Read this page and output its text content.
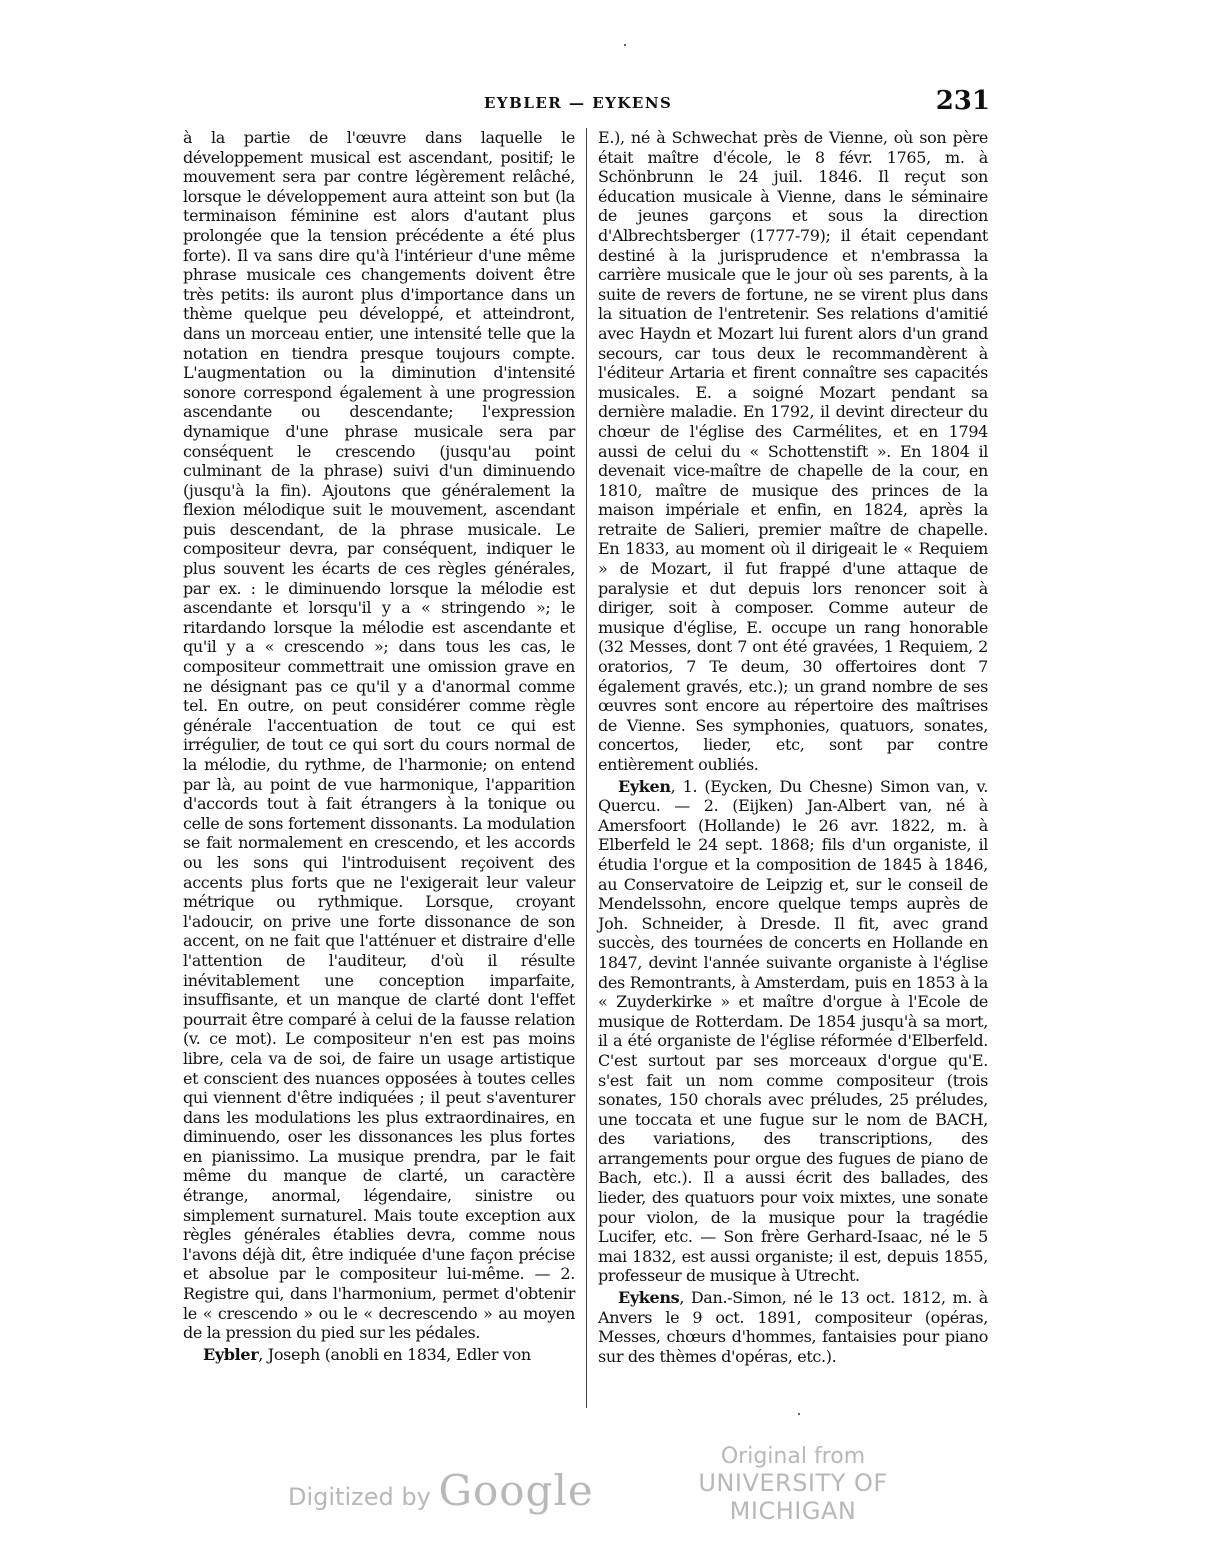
EYBLER — EYKENS	231

à la partie de l'œuvre dans laquelle le développement musical est ascendant, positif; le mouvement sera par contre légèrement relâché, lorsque le développement aura atteint son but (la terminaison féminine est alors d'autant plus prolongée que la tension précédente a été plus forte). Il va sans dire qu'à l'intérieur d'une même phrase musicale ces changements doivent être très petits: ils auront plus d'importance dans un thème quelque peu développé, et atteindront, dans un morceau entier, une intensité telle que la notation en tiendra presque toujours compte. L'augmentation ou la diminution d'intensité sonore correspond également à une progression ascendante ou descendante; l'expression dynamique d'une phrase musicale sera par conséquent le crescendo (jusqu'au point culminant de la phrase) suivi d'un diminuendo (jusqu'à la fin). Ajoutons que généralement la flexion mélodique suit le mouvement, ascendant puis descendant, de la phrase musicale. Le compositeur devra, par conséquent, indiquer le plus souvent les écarts de ces règles générales, par ex. : le diminuendo lorsque la mélodie est ascendante et lorsqu'il y a « stringendo »; le ritardando lorsque la mélodie est ascendante et qu'il y a « crescendo »; dans tous les cas, le compositeur commettrait une omission grave en ne désignant pas ce qu'il y a d'anormal comme tel. En outre, on peut considérer comme règle générale l'accentuation de tout ce qui est irrégulier, de tout ce qui sort du cours normal de la mélodie, du rythme, de l'harmonie; on entend par là, au point de vue harmonique, l'apparition d'accords tout à fait étrangers à la tonique ou celle de sons fortement dissonants. La modulation se fait normalement en crescendo, et les accords ou les sons qui l'introduisent reçoivent des accents plus forts que ne l'exigerait leur valeur métrique ou rythmique. Lorsque, croyant l'adoucir, on prive une forte dissonance de son accent, on ne fait que l'atténuer et distraire d'elle l'attention de l'auditeur, d'où il résulte inévitablement une conception imparfaite, insuffisante, et un manque de clarté dont l'effet pourrait être comparé à celui de la fausse relation (v. ce mot). Le compositeur n'en est pas moins libre, cela va de soi, de faire un usage artistique et conscient des nuances opposées à toutes celles qui viennent d'être indiquées ; il peut s'aventurer dans les modulations les plus extraordinaires, en diminuendo, oser les dissonances les plus fortes en pianissimo. La musique prendra, par le fait même du manque de clarté, un caractère étrange, anormal, légendaire, sinistre ou simplement surnaturel. Mais toute exception aux règles générales établies devra, comme nous l'avons déjà dit, être indiquée d'une façon précise et absolue par le compositeur lui-même. — 2. Registre qui, dans l'harmonium, permet d'obtenir le « crescendo » ou le « decrescendo » au moyen de la pression du pied sur les pédales.

Eybler, Joseph (anobli en 1834, Edler von

E.), né à Schwechat près de Vienne, où son père était maître d'école, le 8 févr. 1765, m. à Schönbrunn le 24 juil. 1846. Il reçut son éducation musicale à Vienne, dans le séminaire de jeunes garçons et sous la direction d'Albrechtsberger (1777-79); il était cependant destiné à la jurisprudence et n'embrassa la carrière musicale que le jour où ses parents, à la suite de revers de fortune, ne se virent plus dans la situation de l'entretenir. Ses relations d'amitié avec Haydn et Mozart lui furent alors d'un grand secours, car tous deux le recommandèrent à l'éditeur Artaria et firent connaître ses capacités musicales. E. a soigné Mozart pendant sa dernière maladie. En 1792, il devint directeur du chœur de l'église des Carmélites, et en 1794 aussi de celui du « Schottenstift ». En 1804 il devenait vice-maître de chapelle de la cour, en 1810, maître de musique des princes de la maison impériale et enfin, en 1824, après la retraite de Salieri, premier maître de chapelle. En 1833, au moment où il dirigeait le « Requiem » de Mozart, il fut frappé d'une attaque de paralysie et dut depuis lors renoncer soit à diriger, soit à composer. Comme auteur de musique d'église, E. occupe un rang honorable (32 Messes, dont 7 ont été gravées, 1 Requiem, 2 oratorios, 7 Te deum, 30 offertoires dont 7 également gravés, etc.); un grand nombre de ses œuvres sont encore au répertoire des maîtrises de Vienne. Ses symphonies, quatuors, sonates, concertos, lieder, etc, sont par contre entièrement oubliés.

Eyken, 1. (Eycken, Du Chesne) Simon van, v. Quercu. — 2. (Eijken) Jan-Albert van, né à Amersfoort (Hollande) le 26 avr. 1822, m. à Elberfeld le 24 sept. 1868; fils d'un organiste, il étudia l'orgue et la composition de 1845 à 1846, au Conservatoire de Leipzig et, sur le conseil de Mendelssohn, encore quelque temps auprès de Joh. Schneider, à Dresde. Il fit, avec grand succès, des tournées de concerts en Hollande en 1847, devint l'année suivante organiste à l'église des Remontrants, à Amsterdam, puis en 1853 à la « Zuyderkirke » et maître d'orgue à l'Ecole de musique de Rotterdam. De 1854 jusqu'à sa mort, il a été organiste de l'église réformée d'Elberfeld. C'est surtout par ses morceaux d'orgue qu'E. s'est fait un nom comme compositeur (trois sonates, 150 chorals avec préludes, 25 préludes, une toccata et une fugue sur le nom de BACH, des variations, des transcriptions, des arrangements pour orgue des fugues de piano de Bach, etc.). Il a aussi écrit des ballades, des lieder, des quatuors pour voix mixtes, une sonate pour violon, de la musique pour la tragédie Lucifer, etc. — Son frère Gerhard-Isaac, né le 5 mai 1832, est aussi organiste; il est, depuis 1855, professeur de musique à Utrecht.

Eykens, Dan.-Simon, né le 13 oct. 1812, m. à Anvers le 9 oct. 1891, compositeur (opéras, Messes, chœurs d'hommes, fantaisies pour piano sur des thèmes d'opéras, etc.).

Digitized by Google
Original from
UNIVERSITY OF MICHIGAN
